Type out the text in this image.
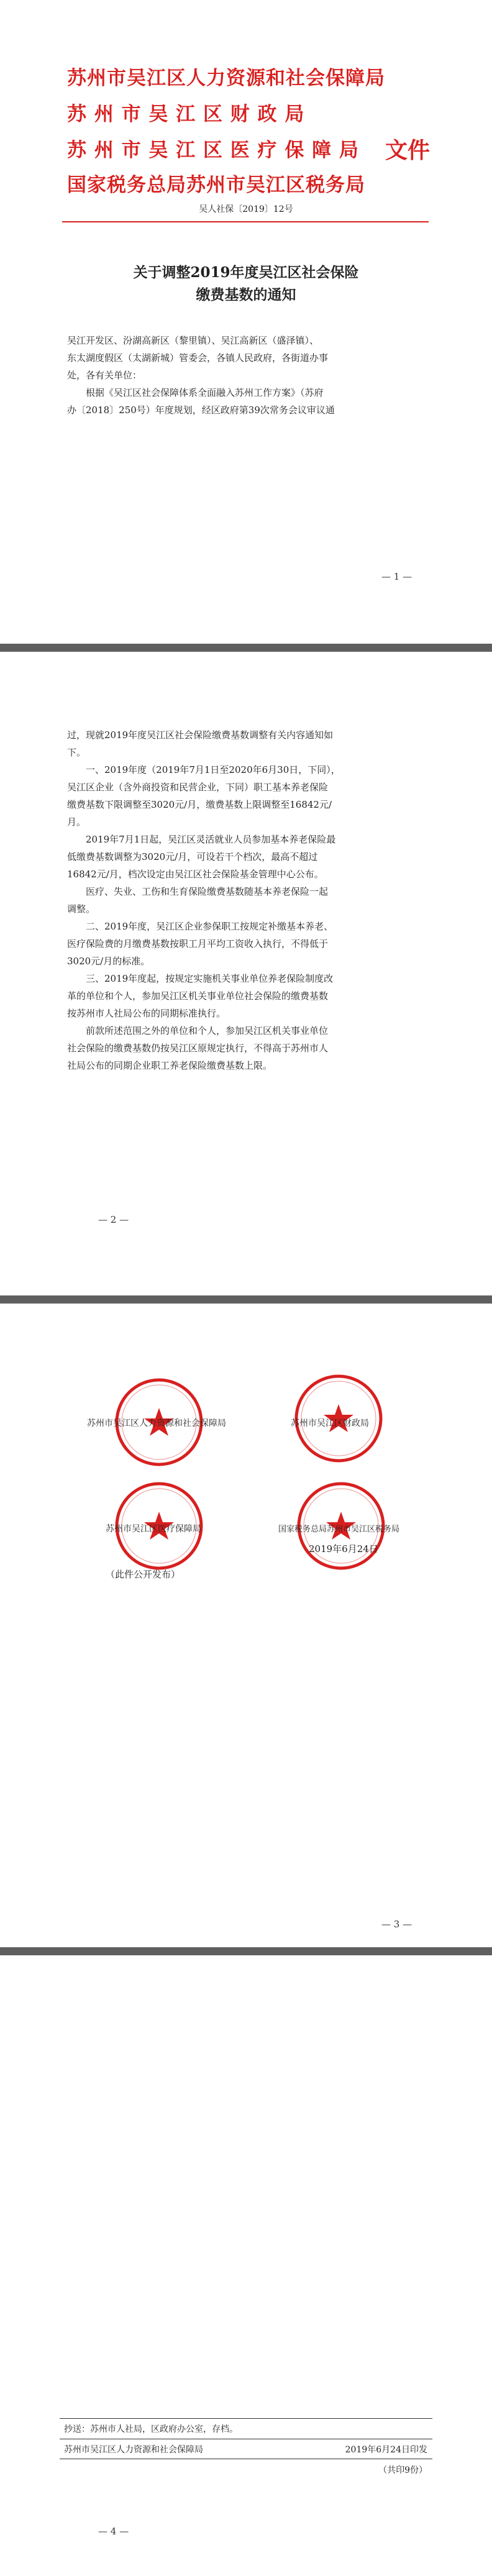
苏州市吴江区人力资源和社会保障局
苏 州 市 吴 江 区 财 政 局
苏 州 市 吴 江 区 医 疗 保 障 局
国家税务总局苏州市吴江区税务局
文件
吴人社保〔2019〕12号
关于调整2019年度吴江区社会保险
缴费基数的通知
吴江开发区、汾湖高新区（黎里镇）、吴江高新区（盛泽镇）、
东太湖度假区（太湖新城）管委会，各镇人民政府，各街道办事
处，各有关单位：
根据《吴江区社会保障体系全面融入苏州工作方案》（苏府
办〔2018〕250号）年度规划，经区政府第39次常务会议审议通
— 1 —
过，现就2019年度吴江区社会保险缴费基数调整有关内容通知如
下。
一、2019年度（2019年7月1日至2020年6月30日，下同），
吴江区企业（含外商投资和民营企业，下同）职工基本养老保险
缴费基数下限调整至3020元/月，缴费基数上限调整至16842元/
月。
2019年7月1日起，吴江区灵活就业人员参加基本养老保险最
低缴费基数调整为3020元/月，可设若干个档次，最高不超过
16842元/月，档次设定由吴江区社会保险基金管理中心公布。
医疗、失业、工伤和生育保险缴费基数随基本养老保险一起
调整。
二、2019年度，吴江区企业参保职工按规定补缴基本养老、
医疗保险费的月缴费基数按职工月平均工资收入执行，不得低于
3020元/月的标准。
三、2019年度起，按规定实施机关事业单位养老保险制度改
革的单位和个人，参加吴江区机关事业单位社会保险的缴费基数
按苏州市人社局公布的同期标准执行。
前款所述范围之外的单位和个人，参加吴江区机关事业单位
社会保险的缴费基数仍按吴江区原规定执行，不得高于苏州市人
社局公布的同期企业职工养老保险缴费基数上限。
— 2 —
苏州市吴江区人力资源和社会保障局	苏州市吴江区财政局
苏州市吴江区医疗保障局	国家税务总局苏州市吴江区税务局
2019年6月24日
（此件公开发布）
— 3 —
抄送：苏州市人社局，区政府办公室，存档。
苏州市吴江区人力资源和社会保障局	2019年6月24日印发
（共印9份）
— 4 —
